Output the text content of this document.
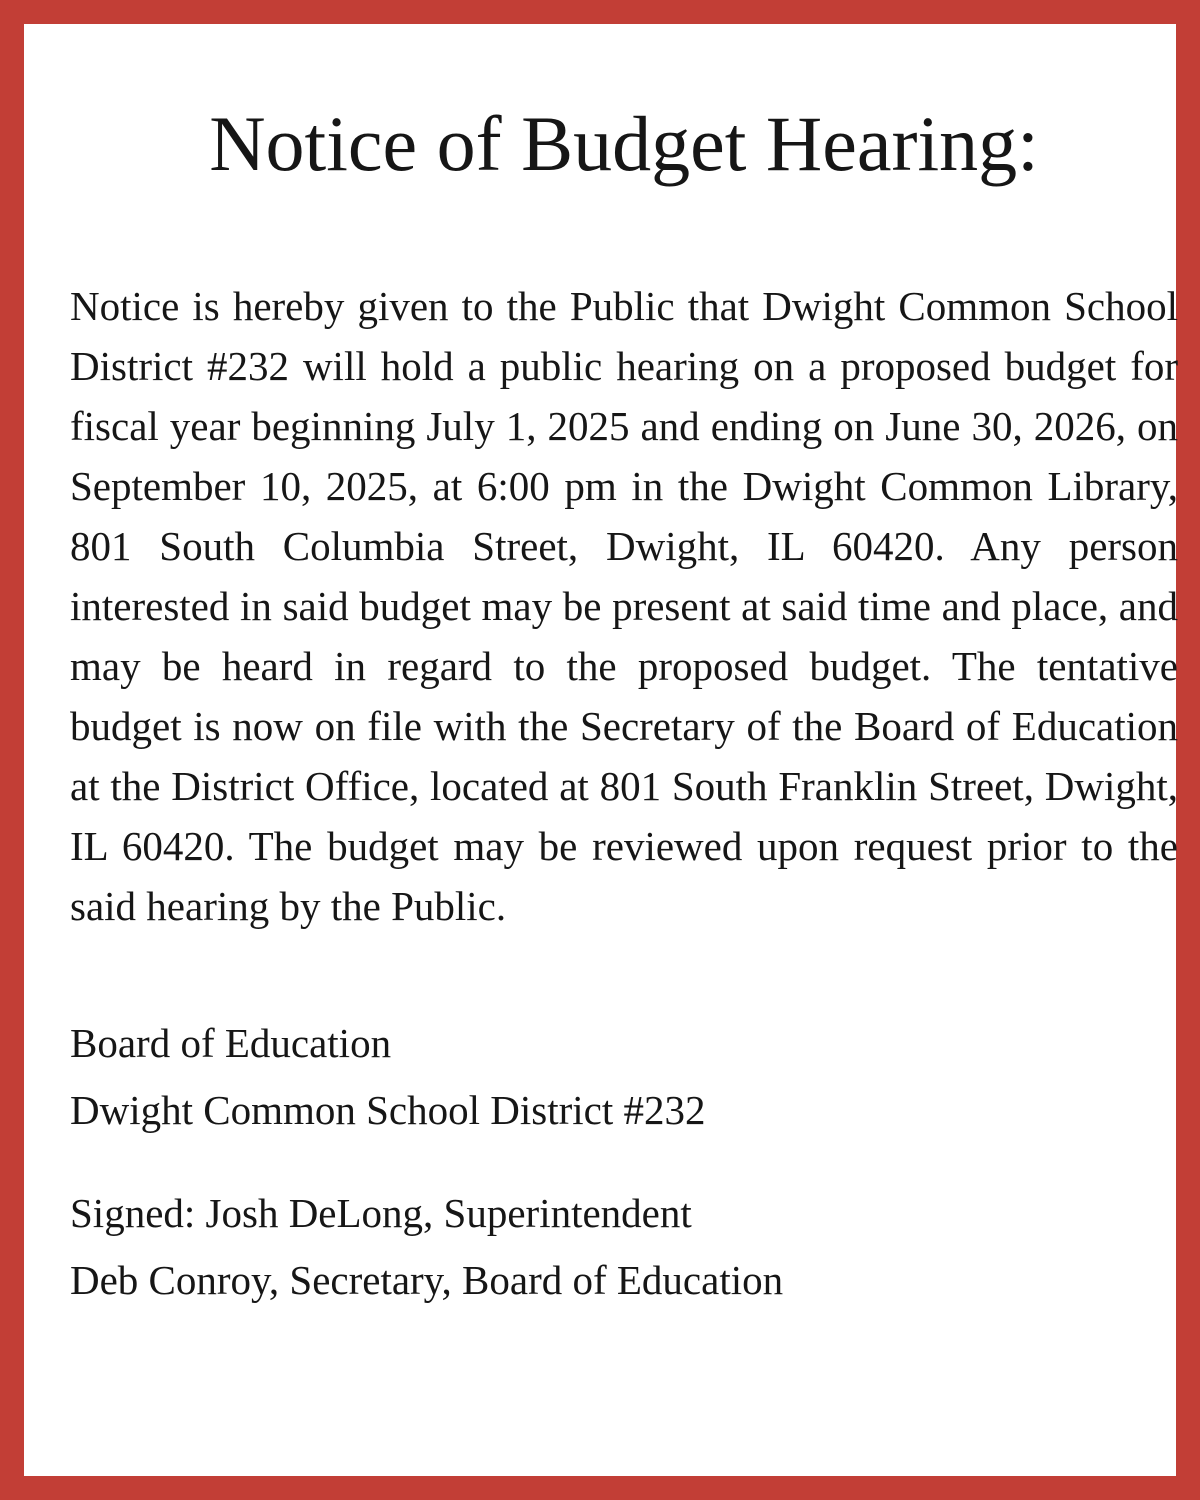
Notice of Budget Hearing:

Notice is hereby given to the Public that Dwight Common School District #232 will hold a public hearing on a proposed budget for fiscal year beginning July 1, 2025 and ending on June 30, 2026, on September 10, 2025, at 6:00 pm in the Dwight Common Library, 801 South Columbia Street, Dwight, IL 60420. Any person interested in said budget may be present at said time and place, and may be heard in regard to the proposed budget. The tentative budget is now on file with the Secretary of the Board of Education at the District Office, located at 801 South Franklin Street, Dwight, IL 60420. The budget may be reviewed upon request prior to the said hearing by the Public.

Board of Education
Dwight Common School District #232
Signed: Josh DeLong, Superintendent
Deb Conroy, Secretary, Board of Education
